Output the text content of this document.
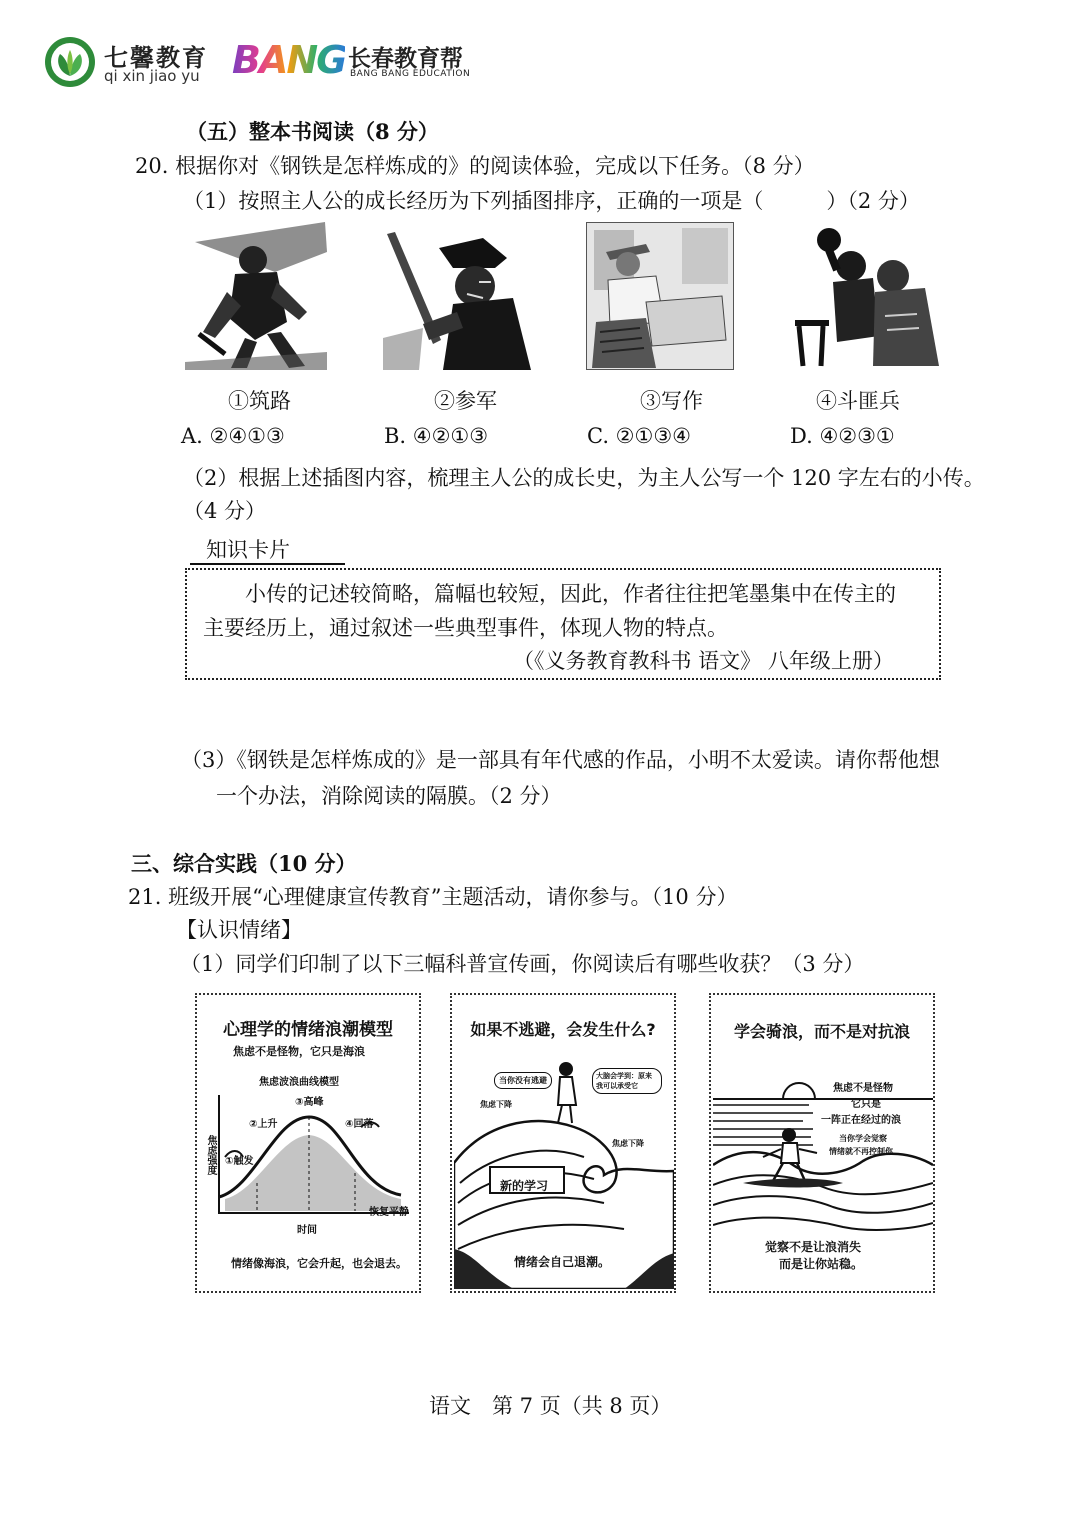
七馨教育
qi xin jiao yu BANG 长春教育帮
BANG BANG EDUCATION
（五）整本书阅读（8 分）
20. 根据你对《钢铁是怎样炼成的》的阅读体验，完成以下任务。（8 分）
（1）按照主人公的成长经历为下列插图排序，正确的一项是（　　　）（2 分）
①筑路	②参军	③写作	④斗匪兵
A. ②④①③	B. ④②①③	C. ②①③④	D. ④②③①
（2）根据上述插图内容，梳理主人公的成长史，为主人公写一个 120 字左右的小传。
（4 分）
知识卡片
小传的记述较简略，篇幅也较短，因此，作者往往把笔墨集中在传主的
主要经历上，通过叙述一些典型事件，体现人物的特点。
（《义务教育教科书 语文》 八年级上册）
（3）《钢铁是怎样炼成的》是一部具有年代感的作品，小明不太爱读。请你帮他想
一个办法，消除阅读的隔膜。（2 分）
三、综合实践（10 分）
21. 班级开展“心理健康宣传教育”主题活动，请你参与。（10 分）
【认识情绪】
（1）同学们印制了以下三幅科普宣传画，你阅读后有哪些收获？（3 分）
心理学的情绪浪潮模型
焦虑不是怪物，它只是海浪
焦虑波浪曲线模型
③高峰
②上升	④回落
①触发
恢复平静
焦虑强度
时间
情绪像海浪，它会升起，也会退去。
如果不逃避，会发生什么?
当你没有逃避	大脑会学到：原来我可以承受它
焦虑下降
焦虑下降
新的学习
情绪会自己退潮。
学会骑浪，而不是对抗浪
焦虑不是怪物
它只是
一阵正在经过的浪
当你学会觉察
情绪就不再控制你
觉察不是让浪消失
而是让你站稳。
语文　第 7 页（共 8 页）
